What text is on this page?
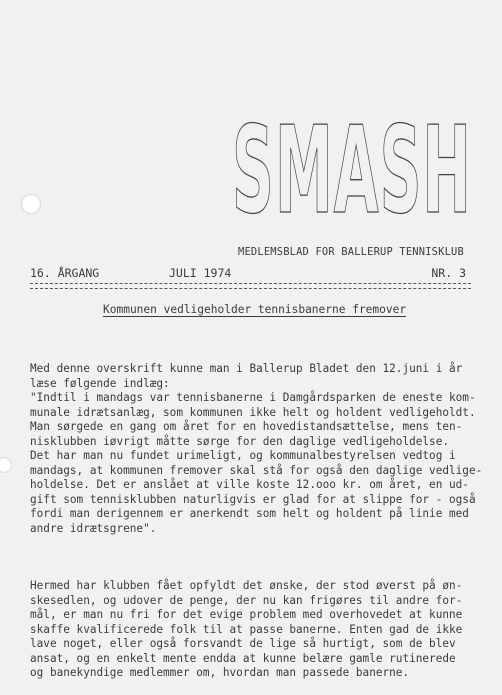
SMASH
MEDLEMSBLAD FOR BALLERUP TENNISKLUB
16. ÅRGANG	JULI 1974	NR. 3
Kommunen vedligeholder tennisbanerne fremover

Med denne overskrift kunne man i Ballerup Bladet den 12.juni i år
læse følgende indlæg:
"Indtil i mandags var tennisbanerne i Damgårdsparken de eneste kom-
munale idrætsanlæg, som kommunen ikke helt og holdent vedligeholdt.
Man sørgede en gang om året for en hovedistandsættelse, mens ten-
nisklubben iøvrigt måtte sørge for den daglige vedligeholdelse.
Det har man nu fundet urimeligt, og kommunalbestyrelsen vedtog i
mandags, at kommunen fremover skal stå for også den daglige vedlige-
holdelse. Det er anslået at ville koste 12.ooo kr. om året, en ud-
gift som tennisklubben naturligvis er glad for at slippe for - også
fordi man derigennem er anerkendt som helt og holdent på linie med
andre idrætsgrene".

Hermed har klubben fået opfyldt det ønske, der stod øverst på øn-
skesedlen, og udover de penge, der nu kan frigøres til andre for-
mål, er man nu fri for det evige problem med overhovedet at kunne
skaffe kvalificerede folk til at passe banerne. Enten gad de ikke
lave noget, eller også forsvandt de lige så hurtigt, som de blev
ansat, og en enkelt mente endda at kunne belære gamle rutinerede
og banekyndige medlemmer om, hvordan man passede banerne.
